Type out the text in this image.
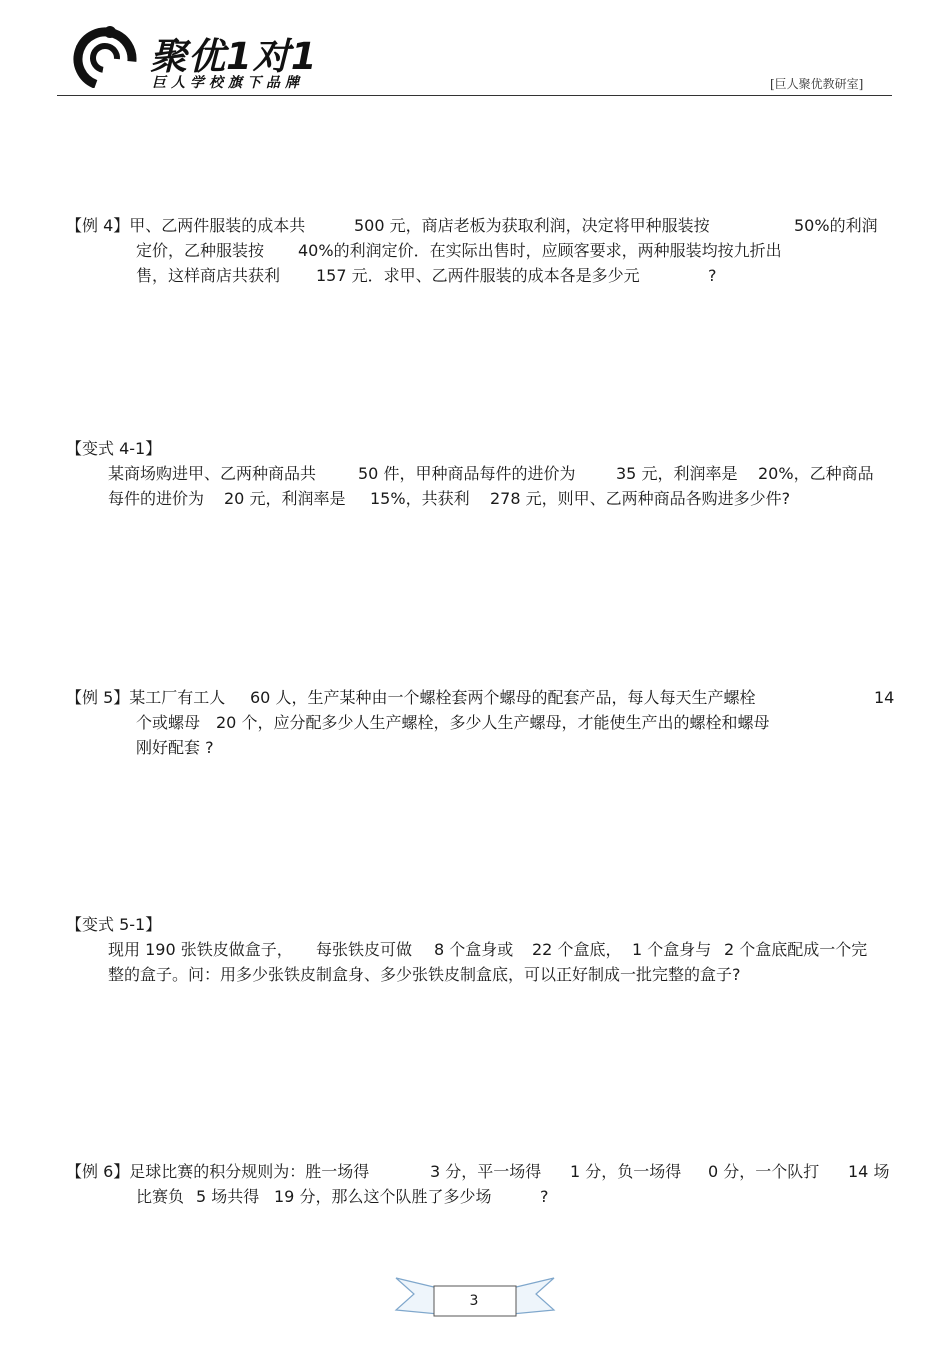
聚优1对1
巨人学校旗下品牌	[巨人聚优教研室]
【例 4】甲、乙两件服装的成本共	500 元，商店老板为获取利润，决定将甲种服装按	50%的利润
定价，乙种服装按 40%的利润定价．在实际出售时，应顾客要求，两种服装均按九折出
售，这样商店共获利 157 元．求甲、乙两件服装的成本各是多少元	?
【变式 4-1】
某商场购进甲、乙两种商品共	50 件，甲种商品每件的进价为	35 元，利润率是 20%，乙种商品
每件的进价为 20 元，利润率是 15%，共获利 278 元，则甲、乙两种商品各购进多少件?
【例 5】某工厂有工人 60 人，生产某种由一个螺栓套两个螺母的配套产品，每人每天生产螺栓	14
个或螺母 20 个，应分配多少人生产螺栓，多少人生产螺母，才能使生产出的螺栓和螺母
刚好配套 ?
【变式 5-1】
现用 190 张铁皮做盒子， 每张铁皮可做 8 个盒身或 22 个盒底， 1 个盒身与 2 个盒底配成一个完
整的盒子。问：用多少张铁皮制盒身、多少张铁皮制盒底，可以正好制成一批完整的盒子?
【例 6】足球比赛的积分规则为：胜一场得	3 分，平一场得 1 分，负一场得 0 分，一个队打 14 场
比赛负 5 场共得 19 分，那么这个队胜了多少场	?
3
